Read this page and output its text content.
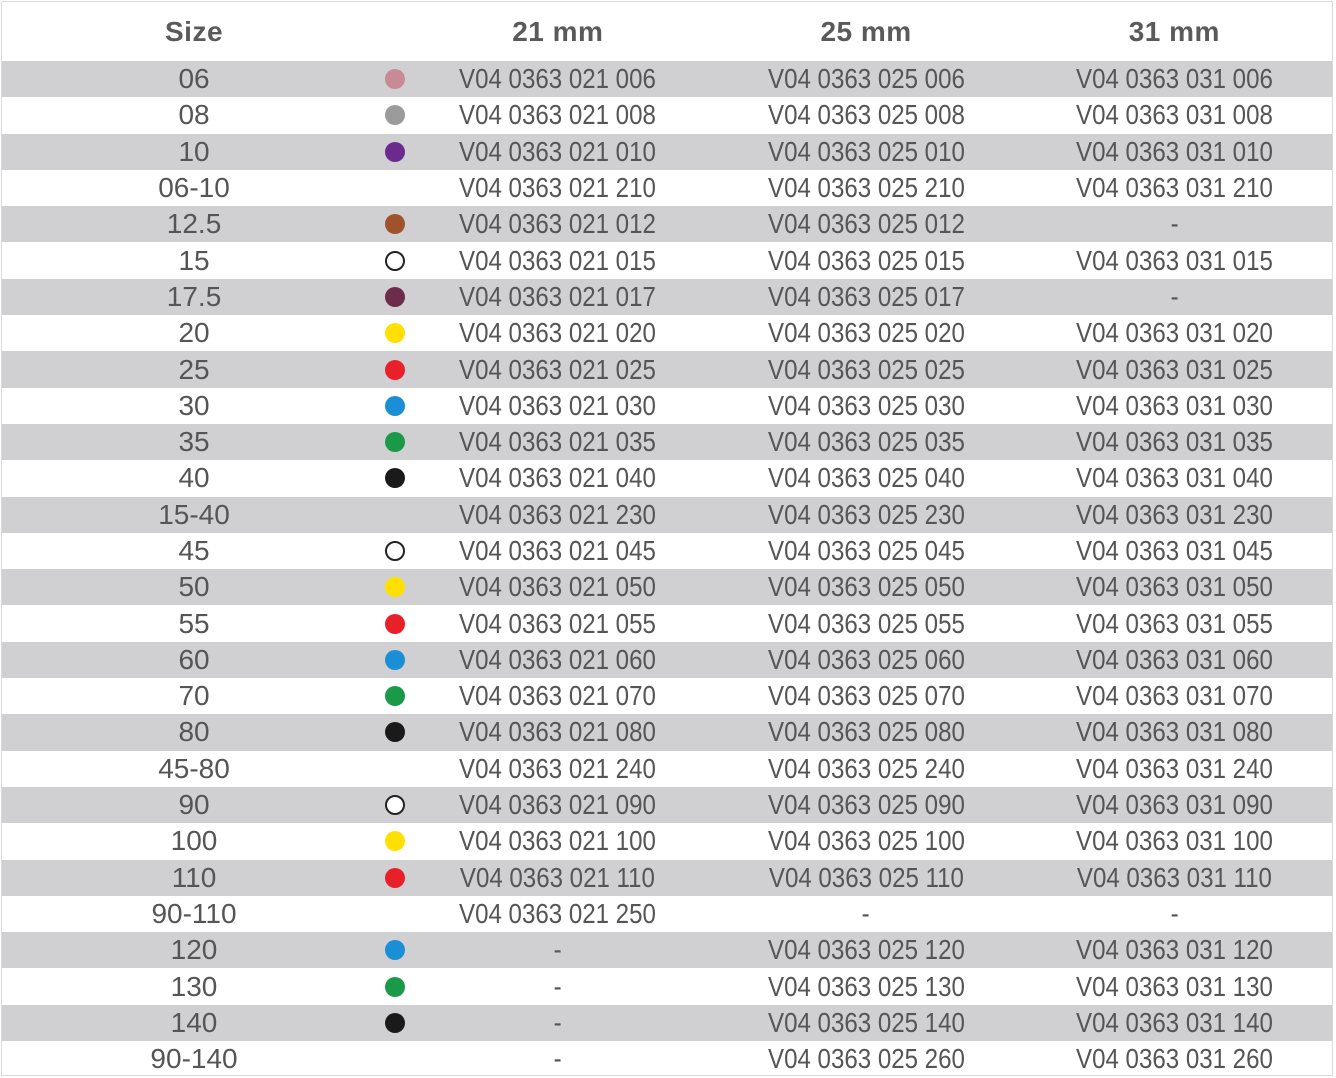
Size		21 mm	25 mm	31 mm
06		V04 0363 021 006	V04 0363 025 006	V04 0363 031 006
08		V04 0363 021 008	V04 0363 025 008	V04 0363 031 008
10		V04 0363 021 010	V04 0363 025 010	V04 0363 031 010
06-10		V04 0363 021 210	V04 0363 025 210	V04 0363 031 210
12.5		V04 0363 021 012	V04 0363 025 012	-
15		V04 0363 021 015	V04 0363 025 015	V04 0363 031 015
17.5		V04 0363 021 017	V04 0363 025 017	-
20		V04 0363 021 020	V04 0363 025 020	V04 0363 031 020
25		V04 0363 021 025	V04 0363 025 025	V04 0363 031 025
30		V04 0363 021 030	V04 0363 025 030	V04 0363 031 030
35		V04 0363 021 035	V04 0363 025 035	V04 0363 031 035
40		V04 0363 021 040	V04 0363 025 040	V04 0363 031 040
15-40		V04 0363 021 230	V04 0363 025 230	V04 0363 031 230
45		V04 0363 021 045	V04 0363 025 045	V04 0363 031 045
50		V04 0363 021 050	V04 0363 025 050	V04 0363 031 050
55		V04 0363 021 055	V04 0363 025 055	V04 0363 031 055
60		V04 0363 021 060	V04 0363 025 060	V04 0363 031 060
70		V04 0363 021 070	V04 0363 025 070	V04 0363 031 070
80		V04 0363 021 080	V04 0363 025 080	V04 0363 031 080
45-80		V04 0363 021 240	V04 0363 025 240	V04 0363 031 240
90		V04 0363 021 090	V04 0363 025 090	V04 0363 031 090
100		V04 0363 021 100	V04 0363 025 100	V04 0363 031 100
110		V04 0363 021 110	V04 0363 025 110	V04 0363 031 110
90-110		V04 0363 021 250	-	-
120		-	V04 0363 025 120	V04 0363 031 120
130		-	V04 0363 025 130	V04 0363 031 130
140		-	V04 0363 025 140	V04 0363 031 140
90-140		-	V04 0363 025 260	V04 0363 031 260
